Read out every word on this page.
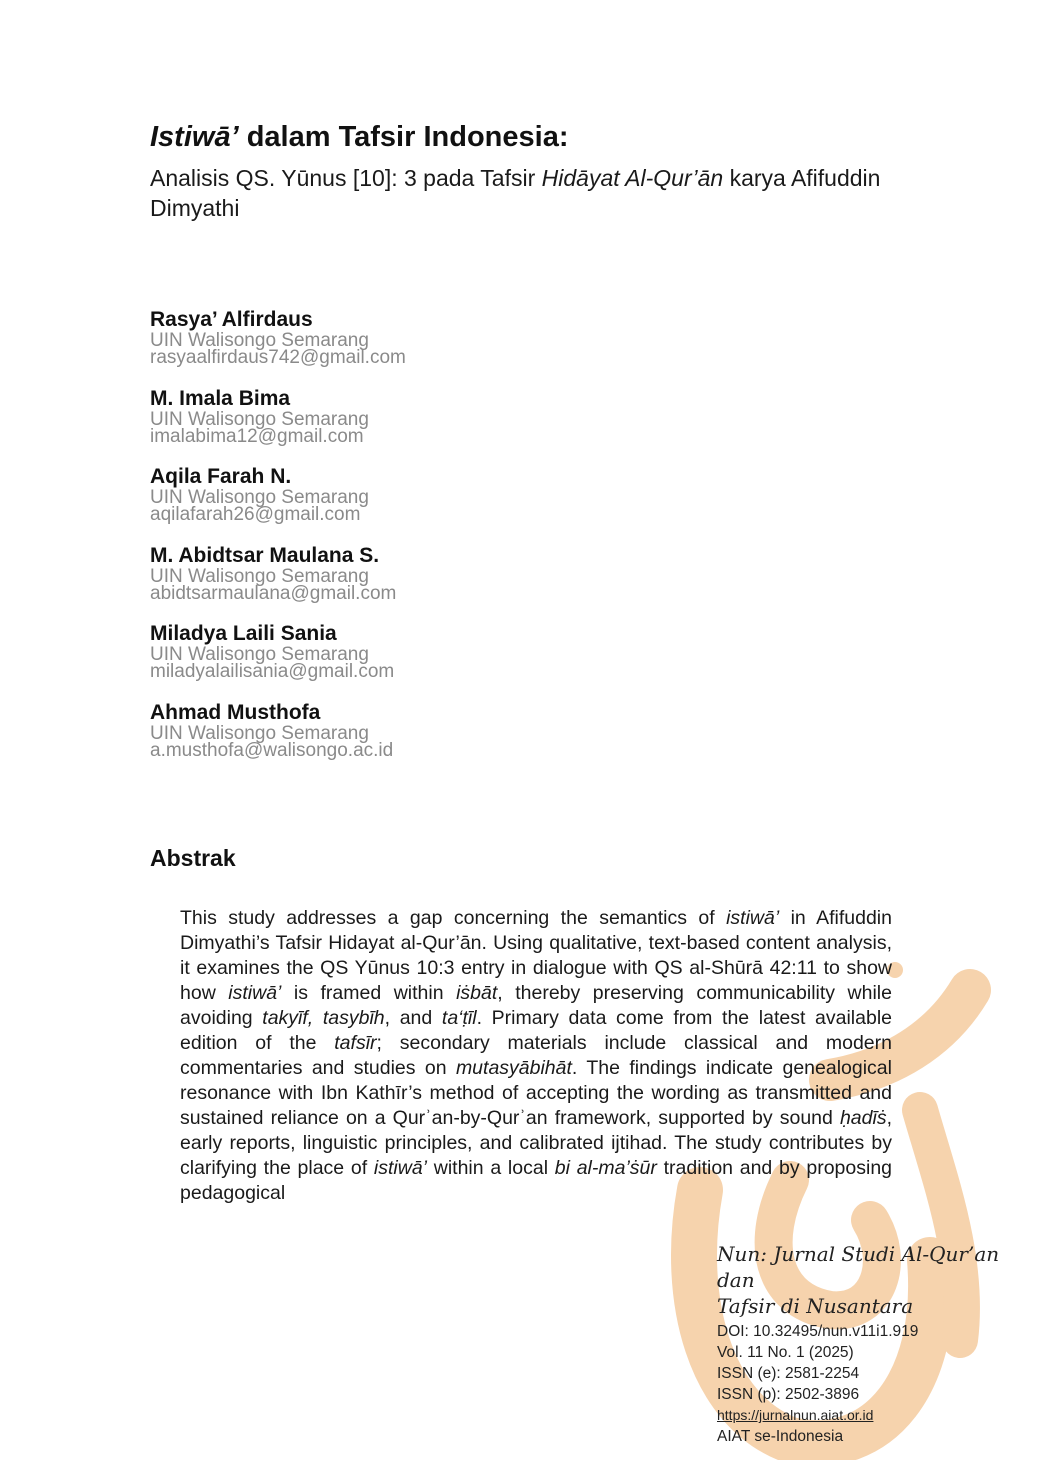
Istiwā’ dalam Tafsir Indonesia:

Analisis QS. Yūnus [10]: 3 pada Tafsir Hidāyat Al-Qur’ān karya Afifuddin Dimyathi

Rasya’ Alfirdaus
UIN Walisongo Semarang
rasyaalfirdaus742@gmail.com
M. Imala Bima
UIN Walisongo Semarang
imalabima12@gmail.com
Aqila Farah N.
UIN Walisongo Semarang
aqilafarah26@gmail.com
M. Abidtsar Maulana S.
UIN Walisongo Semarang
abidtsarmaulana@gmail.com
Miladya Laili Sania
UIN Walisongo Semarang
miladyalailisania@gmail.com
Ahmad Musthofa
UIN Walisongo Semarang
a.musthofa@walisongo.ac.id
Abstrak

This study addresses a gap concerning the semantics of istiwā’ in Afifuddin Dimyathi’s Tafsir Hidayat al-Qur’ān. Using qualitative, text-based content analysis, it examines the QS Yūnus 10:3 entry in dialogue with QS al-Shūrā 42:11 to show how istiwā’ is framed within iṡbāt, thereby preserving communicability while avoiding takyīf, tasybīh, and ta‘ṭīl. Primary data come from the latest available edition of the tafsīr; secondary materials include classical and modern commentaries and studies on mutasyābihāt. The findings indicate genealogical resonance with Ibn Kathīr’s method of accepting the wording as transmitted and sustained reliance on a Qurʾan-by-Qurʾan framework, supported by sound ḥadīṡ, early reports, linguistic principles, and calibrated ijtihad. The study contributes by clarifying the place of istiwā’ within a local bi al-ma’ṡūr tradition and by proposing pedagogical

Nun: Jurnal Studi Al-Qur’an dan
Tafsir di Nusantara
DOI: 10.32495/nun.v11i1.919
Vol. 11 No. 1 (2025)
ISSN (e): 2581-2254
ISSN (p): 2502-3896
https://jurnalnun.aiat.or.id
AIAT se-Indonesia
